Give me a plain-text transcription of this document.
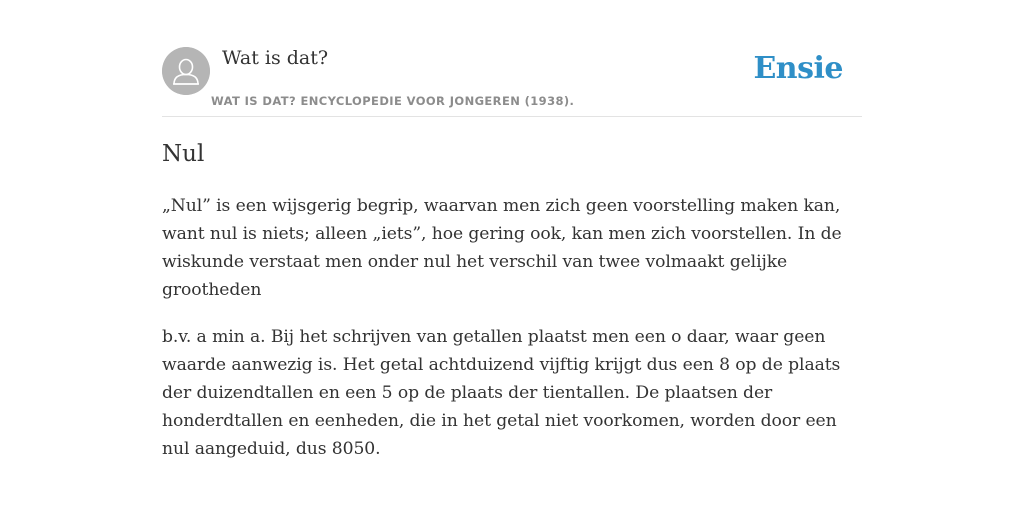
Wat is dat?
WAT IS DAT? ENCYCLOPEDIE VOOR JONGEREN (1938).
Ensie
Nul

„Nul” is een wijsgerig begrip, waarvan men zich geen voorstelling maken kan, want nul is niets; alleen „iets”, hoe gering ook, kan men zich voorstellen. In de wiskunde verstaat men onder nul het verschil van twee volmaakt gelijke grootheden

b.v. a min a. Bij het schrijven van getallen plaatst men een o daar, waar geen waarde aanwezig is. Het getal achtduizend vijftig krijgt dus een 8 op de plaats der duizendtallen en een 5 op de plaats der tientallen. De plaatsen der honderdtallen en eenheden, die in het getal niet voorkomen, worden door een nul aangeduid, dus 8050.
